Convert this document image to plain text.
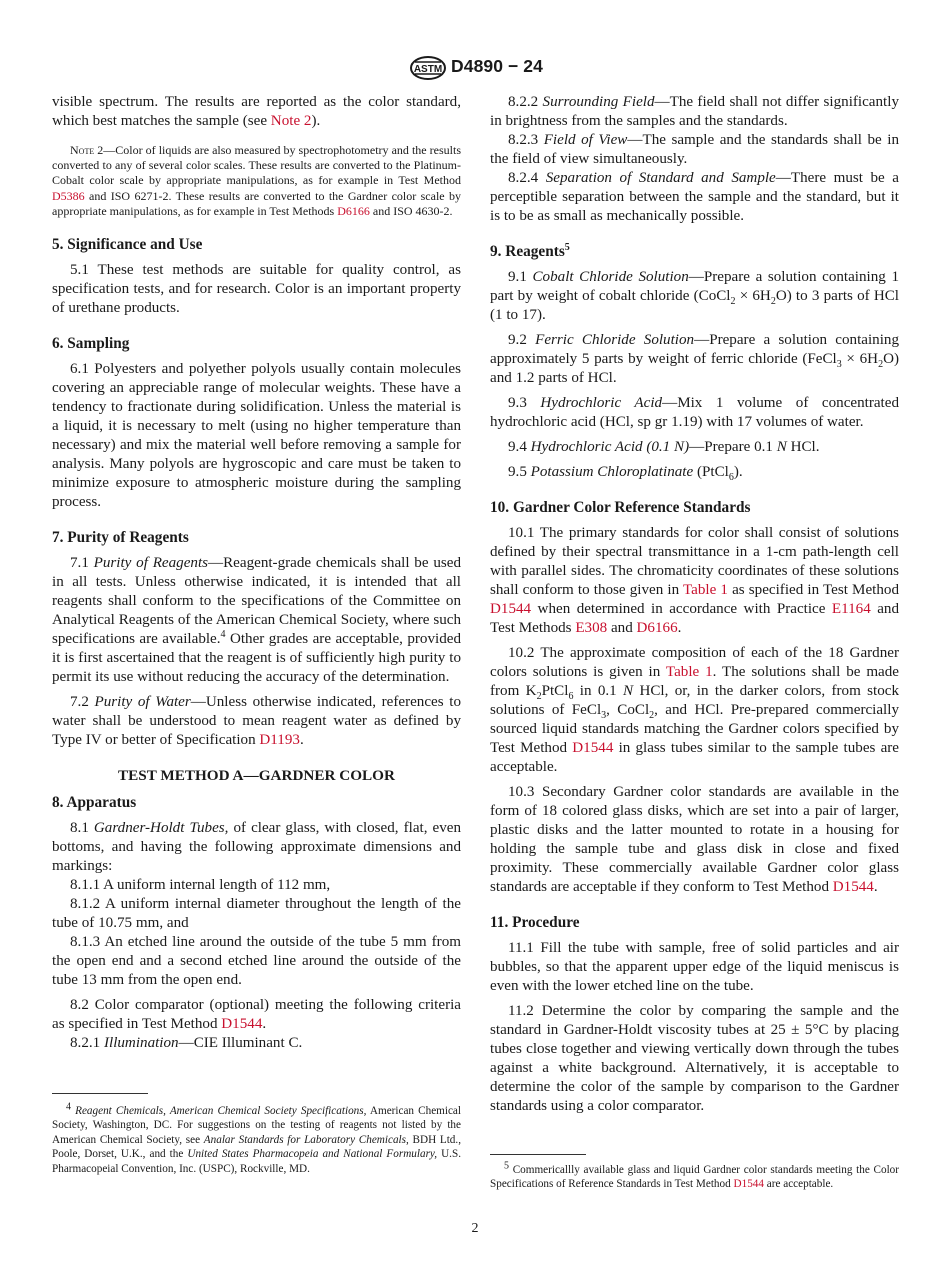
ASTM D4890 − 24

visible spectrum. The results are reported as the color standard, which best matches the sample (see Note 2).

Note 2—Color of liquids are also measured by spectrophotometry and the results converted to any of several color scales. These results are converted to the Platinum-Cobalt color scale by appropriate manipulations, as for example in Test Method D5386 and ISO 6271-2. These results are converted to the Gardner color scale by appropriate manipulations, as for example in Test Methods D6166 and ISO 4630-2.

5. Significance and Use

5.1 These test methods are suitable for quality control, as specification tests, and for research. Color is an important property of urethane products.

6. Sampling

6.1 Polyesters and polyether polyols usually contain molecules covering an appreciable range of molecular weights. These have a tendency to fractionate during solidification. Unless the material is a liquid, it is necessary to melt (using no higher temperature than necessary) and mix the material well before removing a sample for analysis. Many polyols are hygroscopic and care must be taken to minimize exposure to atmospheric moisture during the sampling process.

7. Purity of Reagents

7.1 Purity of Reagents—Reagent-grade chemicals shall be used in all tests. Unless otherwise indicated, it is intended that all reagents shall conform to the specifications of the Committee on Analytical Reagents of the American Chemical Society, where such specifications are available.$^4$ Other grades are acceptable, provided it is first ascertained that the reagent is of sufficiently high purity to permit its use without reducing the accuracy of the determination.

7.2 Purity of Water—Unless otherwise indicated, references to water shall be understood to mean reagent water as defined by Type IV or better of Specification D1193.

TEST METHOD A—GARDNER COLOR
8. Apparatus

8.1 Gardner-Holdt Tubes, of clear glass, with closed, flat, even bottoms, and having the following approximate dimensions and markings:

8.1.1 A uniform internal length of 112 mm,

8.1.2 A uniform internal diameter throughout the length of the tube of 10.75 mm, and

8.1.3 An etched line around the outside of the tube 5 mm from the open end and a second etched line around the outside of the tube 13 mm from the open end.

8.2 Color comparator (optional) meeting the following criteria as specified in Test Method D1544.

8.2.1 Illumination—CIE Illuminant C.

$^4$ Reagent Chemicals, American Chemical Society Specifications, American Chemical Society, Washington, DC. For suggestions on the testing of reagents not listed by the American Chemical Society, see Analar Standards for Laboratory Chemicals, BDH Ltd., Poole, Dorset, U.K., and the United States Pharmacopeia and National Formulary, U.S. Pharmacopeial Convention, Inc. (USPC), Rockville, MD.

8.2.2 Surrounding Field—The field shall not differ significantly in brightness from the samples and the standards.

8.2.3 Field of View—The sample and the standards shall be in the field of view simultaneously.

8.2.4 Separation of Standard and Sample—There must be a perceptible separation between the sample and the standard, but it is to be as small as mechanically possible.

9. Reagents$^5$

9.1 Cobalt Chloride Solution—Prepare a solution containing 1 part by weight of cobalt chloride (CoCl$_2$ × $6H_2O$) to 3 parts of HCl (1 to 17).

9.2 Ferric Chloride Solution—Prepare a solution containing approximately 5 parts by weight of ferric chloride (FeCl$_3$ × $6H_2O$) and 1.2 parts of HCl.

9.3 Hydrochloric Acid—Mix 1 volume of concentrated hydrochloric acid (HCl, sp gr 1.19) with 17 volumes of water.

9.4 Hydrochloric Acid (0.1 N)—Prepare 0.1 N HCl.

9.5 Potassium Chloroplatinate (PtCl$_6$).

10. Gardner Color Reference Standards

10.1 The primary standards for color shall consist of solutions defined by their spectral transmittance in a 1-cm path-length cell with parallel sides. The chromaticity coordinates of these solutions shall conform to those given in Table 1 as specified in Test Method D1544 when determined in accordance with Practice E1164 and Test Methods E308 and D6166.

10.2 The approximate composition of each of the 18 Gardner colors solutions is given in Table 1. The solutions shall be made from $K_2PtCl_6$ in 0.1 N HCl, or, in the darker colors, from stock solutions of FeCl$_3$, CoCl$_2$, and HCl. Pre-prepared commercially sourced liquid standards matching the Gardner colors specified by Test Method D1544 in glass tubes similar to the sample tubes are acceptable.

10.3 Secondary Gardner color standards are available in the form of 18 colored glass disks, which are set into a pair of larger, plastic disks and the latter mounted to rotate in a housing for holding the sample tube and glass disk in close and fixed proximity. These commercially available Gardner color glass standards are acceptable if they conform to Test Method D1544.

11. Procedure

11.1 Fill the tube with sample, free of solid particles and air bubbles, so that the apparent upper edge of the liquid meniscus is even with the lower etched line on the tube.

11.2 Determine the color by comparing the sample and the standard in Gardner-Holdt viscosity tubes at 25 ± 5°C by placing tubes close together and viewing vertically down through the tubes against a white background. Alternatively, it is acceptable to determine the color of the sample by comparison to the Gardner standards using a color comparator.

$^5$ Commericallly available glass and liquid Gardner color standards meeting the Color Specifications of Reference Standards in Test Method D1544 are acceptable.

2
